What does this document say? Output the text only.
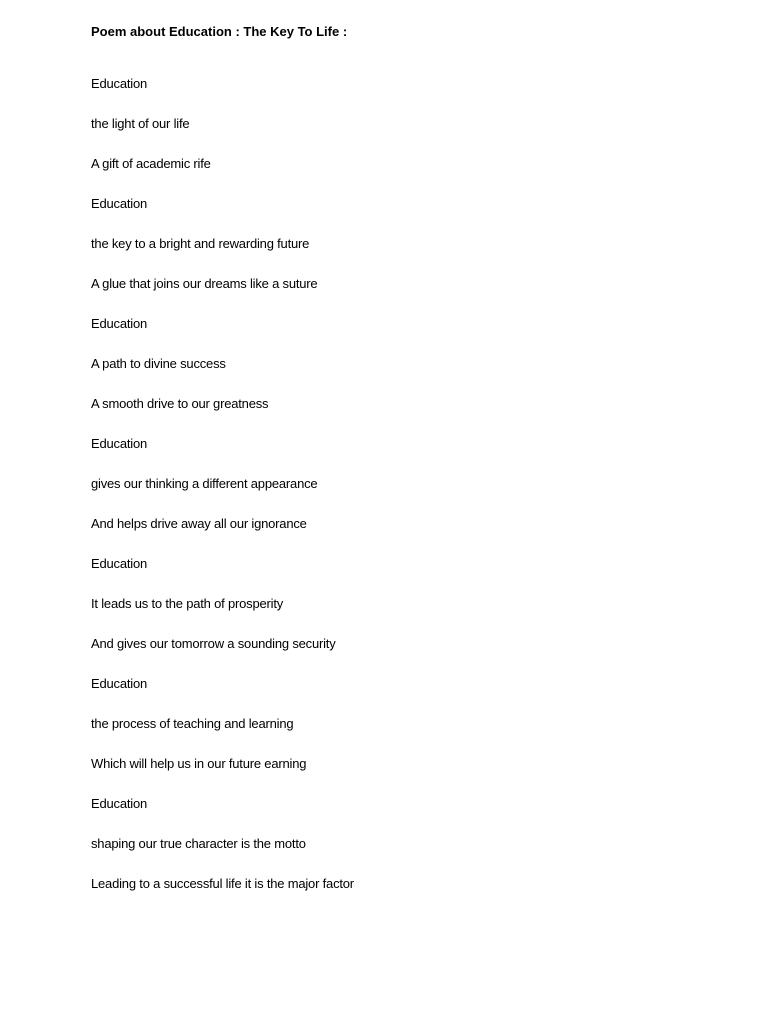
Poem about Education : The Key To Life :
Education
the light of our life
A gift of academic rife
Education
the key to a bright and rewarding future
A glue that joins our dreams like a suture
Education
A path to divine success
A smooth drive to our greatness
Education
gives our thinking a different appearance
And helps drive away all our ignorance
Education
It leads us to the path of prosperity
And gives our tomorrow a sounding security
Education
the process of teaching and learning
Which will help us in our future earning
Education
shaping our true character is the motto
Leading to a successful life it is the major factor
